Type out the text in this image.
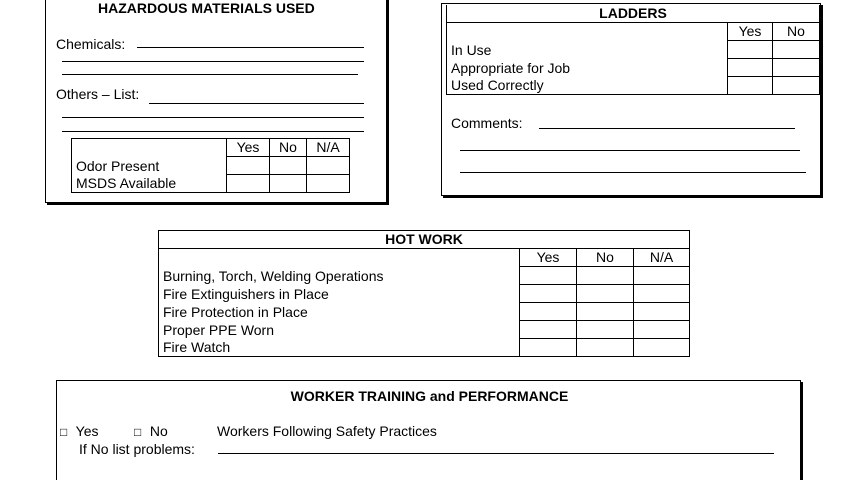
HAZARDOUS MATERIALS USED
Chemicals:
Others – List:
	Yes	No	N/A
Odor Present			
MSDS Available			
LADDERS		
	Yes	No
In Use		
Appropriate for Job		
Used Correctly		
Comments:
HOT WORK			
	Yes	No	N/A
Burning, Torch, Welding Operations			
Fire Extinguishers in Place			
Fire Protection in Place			
Proper PPE Worn			
Fire Watch			
WORKER TRAINING and PERFORMANCE
□ Yes	□ No	Workers Following Safety Practices
If No list problems:
